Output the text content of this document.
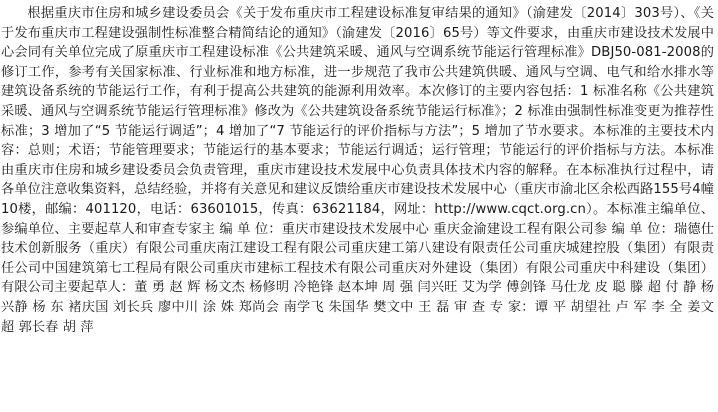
根据重庆市住房和城乡建设委员会《关于发布重庆市工程建设标准复审结果的通知》（渝建发〔2014〕303号）、《关于发布重庆市工程建设强制性标准整合精简结论的通知》（渝建发〔2016〕65号）等文件要求，由重庆市建设技术发展中心会同有关单位完成了原重庆市工程建设标准《公共建筑采暖、通风与空调系统节能运行管理标准》DBJ50-081-2008的修订工作，参考有关国家标准、行业标准和地方标准，进一步规范了我市公共建筑供暖、通风与空调、电气和给水排水等建筑设备系统的节能运行工作，有利于提高公共建筑的能源利用效率。本次修订的主要内容包括：1 标准名称《公共建筑采暖、通风与空调系统节能运行管理标准》修改为《公共建筑设备系统节能运行标准》；2 标准由强制性标准变更为推荐性标准；3 增加了“5 节能运行调适”；4 增加了“7 节能运行的评价指标与方法”；5 增加了节水要求。本标准的主要技术内容：总则；术语；节能管理要求；节能运行的基本要求；节能运行调适；运行管理；节能运行的评价指标与方法。本标准由重庆市住房和城乡建设委员会负责管理，重庆市建设技术发展中心负责具体技术内容的解释。在本标准执行过程中，请各单位注意收集资料，总结经验，并将有关意见和建议反馈给重庆市建设技术发展中心（重庆市渝北区余松西路155号4幢10楼，邮编：401120，电话：63601015，传真：63621184，网址：http://www.cqct.org.cn）。本标准主编单位、参编单位、主要起草人和审查专家主 编 单 位：重庆市建设技术发展中心 重庆金渝建设工程有限公司参 编 单 位：瑞德仕技术创新服务（重庆）有限公司重庆南江建设工程有限公司重庆建工第八建设有限责任公司重庆城建控股（集团）有限责任公司中国建筑第七工程局有限公司重庆市建标工程技术有限公司重庆对外建设（集团）有限公司重庆中科建设（集团）有限公司主要起草人：董 勇 赵 辉 杨文杰 杨修明 冷艳锋 赵本坤 周 强 闫兴旺 艾为学 傅剑锋 马仕龙 皮 聪 滕 超 付 静 杨兴静 杨 东 褚庆国 刘长兵 廖中川 涂 姝 郑尚会 南学飞 朱国华 樊文中 王 磊 审 查 专 家：谭 平 胡望社 卢 军 李 全 姜文超 郭长春 胡 萍
